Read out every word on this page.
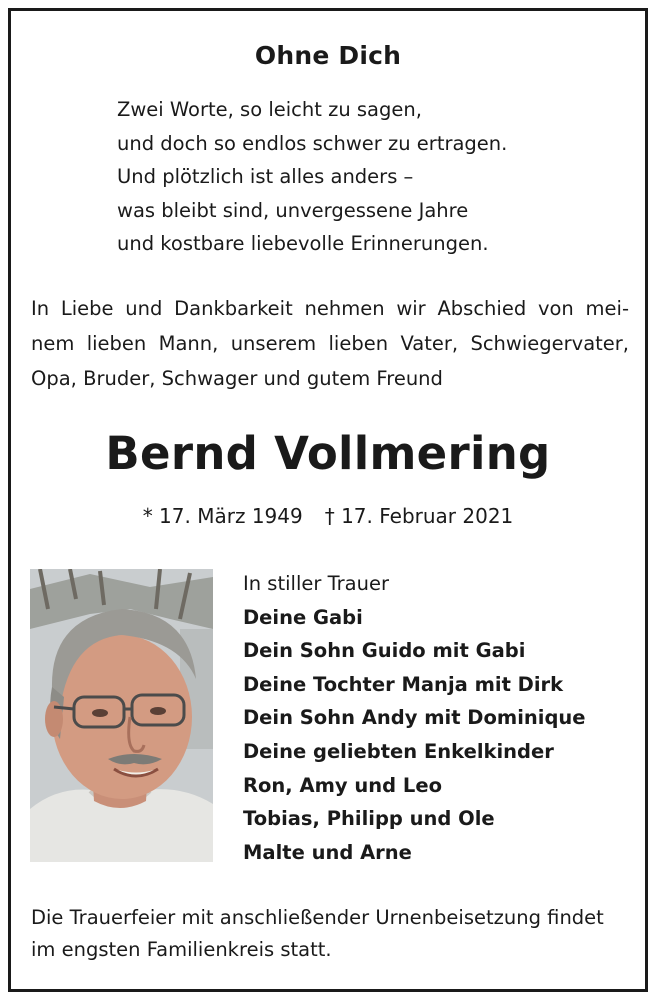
Ohne Dich
Zwei Worte, so leicht zu sagen,
und doch so endlos schwer zu ertragen.
Und plötzlich ist alles anders –
was bleibt sind, unvergessene Jahre
und kostbare liebevolle Erinnerungen.
In Liebe und Dankbarkeit nehmen wir Abschied von mei-
nem lieben Mann, unserem lieben Vater, Schwiegervater,
Opa, Bruder, Schwager und gutem Freund
Bernd Vollmering
* 17. März 1949 † 17. Februar 2021
In stiller Trauer
Deine Gabi
Dein Sohn Guido mit Gabi
Deine Tochter Manja mit Dirk
Dein Sohn Andy mit Dominique
Deine geliebten Enkelkinder
Ron, Amy und Leo
Tobias, Philipp und Ole
Malte und Arne
Die Trauerfeier mit anschließender Urnenbeisetzung findet
im engsten Familienkreis statt.
